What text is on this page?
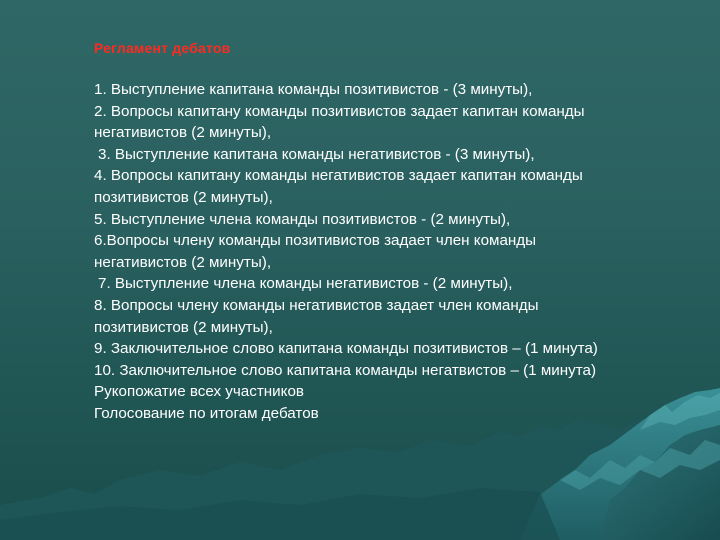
Регламент дебатов
1. Выступление капитана команды позитивистов - (3 минуты),
2. Вопросы капитану команды позитивистов задает капитан команды
негативистов (2 минуты),
3. Выступление капитана команды негативистов - (3 минуты),
4. Вопросы капитану команды негативистов задает капитан команды
позитивистов (2 минуты),
5. Выступление члена команды позитивистов - (2 минуты),
6.Вопросы члену команды позитивистов задает член команды
негативистов (2 минуты),
7. Выступление члена команды негативистов - (2 минуты),
8. Вопросы члену команды негативистов задает член команды
позитивистов (2 минуты),
9. Заключительное слово капитана команды позитивистов – (1 минута)
10. Заключительное слово капитана команды негатвистов – (1 минута)
Рукопожатие всех участников
Голосование по итогам дебатов
